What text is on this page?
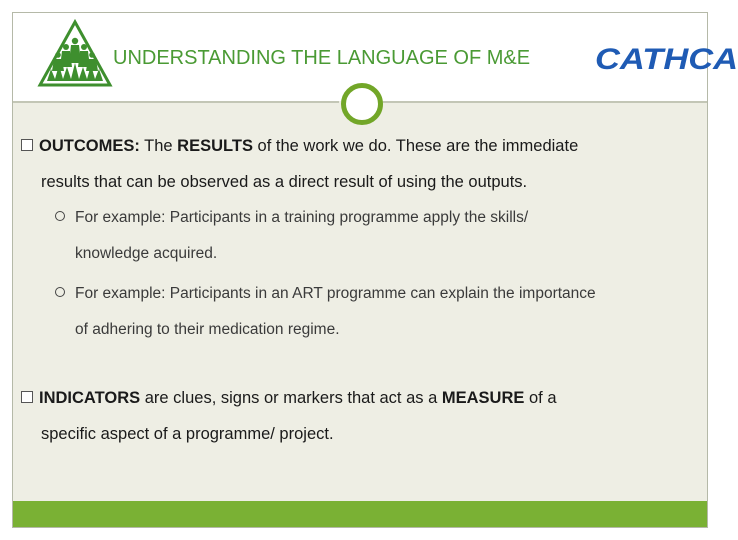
UNDERSTANDING THE LANGUAGE OF M&E CATHCA
OUTCOMES: The RESULTS of the work we do. These are the immediate
results that can be observed as a direct result of using the outputs.
For example: Participants in a training programme apply the skills/
knowledge acquired.
For example: Participants in an ART programme can explain the importance
of adhering to their medication regime.
INDICATORS are clues, signs or markers that act as a MEASURE of a
specific aspect of a programme/ project.
